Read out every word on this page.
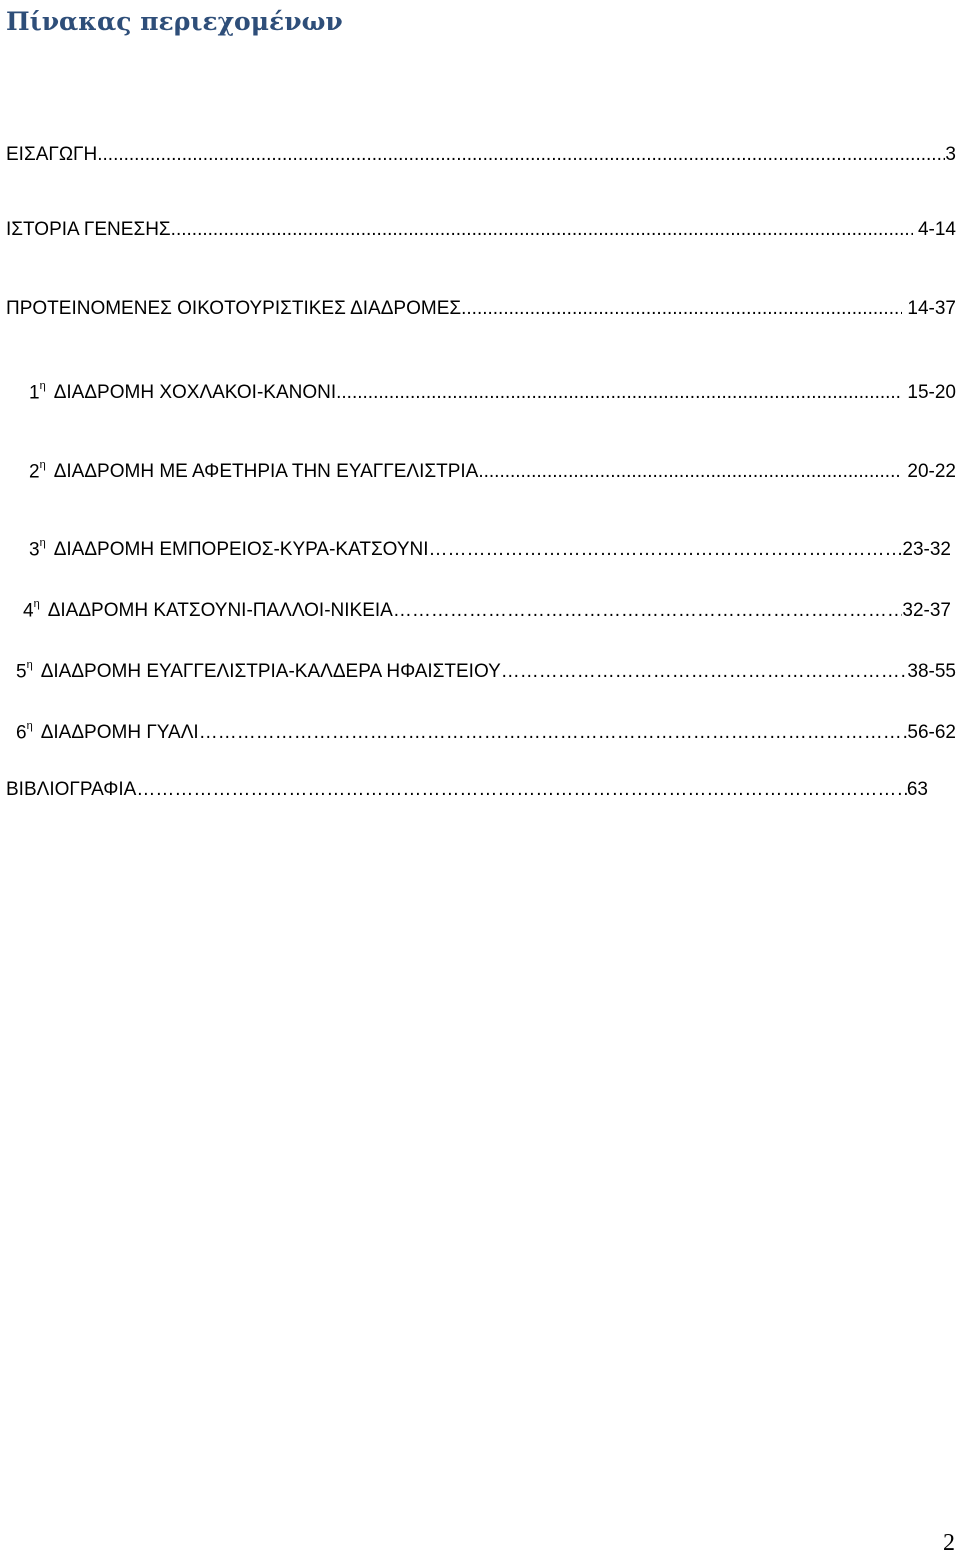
Πίνακας περιεχομένων
ΕΙΣΑΓΩΓΗ .....	3
ΙΣΤΟΡΙΑ ΓΕΝΕΣΗΣ .....	4-14
ΠΡΟΤΕΙΝΟΜΕΝΕΣ ΟΙΚΟΤΟΥΡΙΣΤΙΚΕΣ ΔΙΑΔΡΟΜΕΣ .....	14-37
$1^\eta$ ΔΙΑΔΡΟΜΗ ΧΟΧΛΑΚΟΙ-ΚΑΝΟΝΙ .....	15-20
$2^\eta$ ΔΙΑΔΡΟΜΗ ΜΕ ΑΦΕΤΗΡΙΑ ΤΗΝ ΕΥΑΓΓΕΛΙΣΤΡΙΑ .....	20-22
$3^\eta$ ΔΙΑΔΡΟΜΗ ΕΜΠΟΡΕΙΟΣ-ΚΥΡΑ-ΚΑΤΣΟΥΝΙ …………………………………………………………………………………………………………………………………………………………………………………………………………………………………………………………	23-32
$4^\eta$ ΔΙΑΔΡΟΜΗ ΚΑΤΣΟΥΝΙ-ΠΑΛΛΟΙ-ΝΙΚΕΙΑ …………………………………………………………………………………………………………………………………………………………………………………………………………………………………………………………	32-37
$5^\eta$ ΔΙΑΔΡΟΜΗ ΕΥΑΓΓΕΛΙΣΤΡΙΑ-ΚΑΛΔΕΡΑ ΗΦΑΙΣΤΕΙΟΥ …………………………………………………………………………………………………………………………………………………………………………………………………………………………………………………………	38-55
$6^\eta$ ΔΙΑΔΡΟΜΗ ΓΥΑΛΙ …………………………………………………………………………………………………………………………………………………………………………………………………………………………………………………………	56-62
ΒΙΒΛΙΟΓΡΑΦΙΑ …………………………………………………………………………………………………………………………………………………………………………………………………………………………………………………………	63

2
